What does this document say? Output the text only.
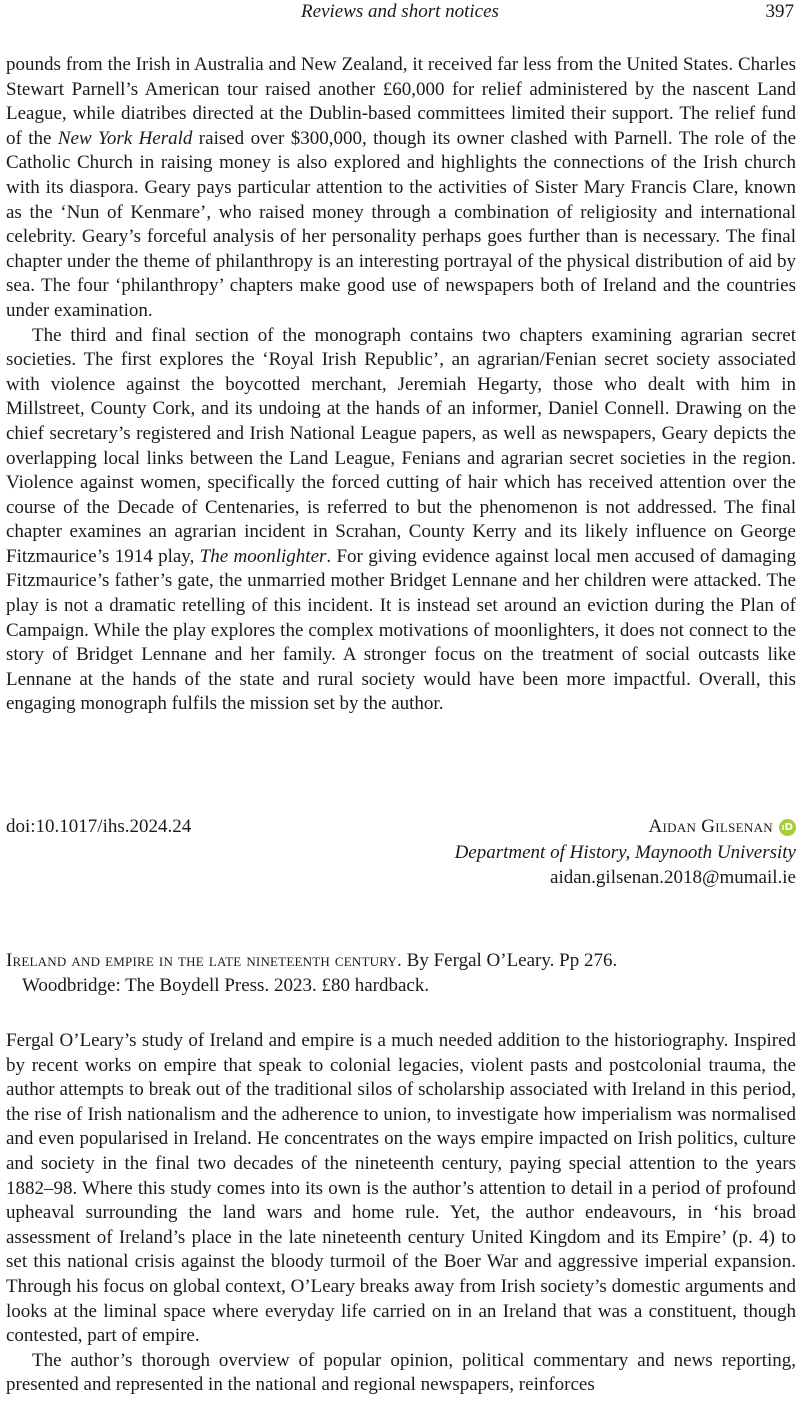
Reviews and short notices	397

pounds from the Irish in Australia and New Zealand, it received far less from the United States. Charles Stewart Parnell’s American tour raised another £60,000 for relief administered by the nascent Land League, while diatribes directed at the Dublin-based committees limited their support. The relief fund of the New York Herald raised over $300,000, though its owner clashed with Parnell. The role of the Catholic Church in raising money is also explored and highlights the connections of the Irish church with its diaspora. Geary pays particular attention to the activities of Sister Mary Francis Clare, known as the ‘Nun of Kenmare’, who raised money through a combination of religiosity and international celebrity. Geary’s forceful analysis of her personality perhaps goes further than is necessary. The final chapter under the theme of philanthropy is an interesting portrayal of the physical distribution of aid by sea. The four ‘philanthropy’ chapters make good use of newspapers both of Ireland and the countries under examination.

The third and final section of the monograph contains two chapters examining agrarian secret societies. The first explores the ‘Royal Irish Republic’, an agrarian/Fenian secret society associated with violence against the boycotted merchant, Jeremiah Hegarty, those who dealt with him in Millstreet, County Cork, and its undoing at the hands of an informer, Daniel Connell. Drawing on the chief secretary’s registered and Irish National League papers, as well as newspapers, Geary depicts the overlapping local links between the Land League, Fenians and agrarian secret societies in the region. Violence against women, specifically the forced cutting of hair which has received attention over the course of the Decade of Centenaries, is referred to but the phenomenon is not addressed. The final chapter examines an agrarian incident in Scrahan, County Kerry and its likely influence on George Fitzmaurice’s 1914 play, The moonlighter. For giving evidence against local men accused of damaging Fitzmaurice’s father’s gate, the unmarried mother Bridget Lennane and her children were attacked. The play is not a dramatic retelling of this incident. It is instead set around an eviction during the Plan of Campaign. While the play explores the complex motivations of moonlighters, it does not connect to the story of Bridget Lennane and her family. A stronger focus on the treatment of social outcasts like Lennane at the hands of the state and rural society would have been more impactful. Overall, this engaging monograph fulfils the mission set by the author.

doi:10.1017/ihs.2024.24	Aidan Gilsenan iD
Department of History, Maynooth University
aidan.gilsenan.2018@mumail.ie
Ireland and empire in the late nineteenth century. By Fergal O’Leary. Pp 276.
Woodbridge: The Boydell Press. 2023. £80 hardback.

Fergal O’Leary’s study of Ireland and empire is a much needed addition to the historiography. Inspired by recent works on empire that speak to colonial legacies, violent pasts and postcolonial trauma, the author attempts to break out of the traditional silos of scholarship associated with Ireland in this period, the rise of Irish nationalism and the adherence to union, to investigate how imperialism was normalised and even popularised in Ireland. He concentrates on the ways empire impacted on Irish politics, culture and society in the final two decades of the nineteenth century, paying special attention to the years 1882–98. Where this study comes into its own is the author’s attention to detail in a period of profound upheaval surrounding the land wars and home rule. Yet, the author endeavours, in ‘his broad assessment of Ireland’s place in the late nineteenth century United Kingdom and its Empire’ (p. 4) to set this national crisis against the bloody turmoil of the Boer War and aggressive imperial expansion. Through his focus on global context, O’Leary breaks away from Irish society’s domestic arguments and looks at the liminal space where everyday life carried on in an Ireland that was a constituent, though contested, part of empire.

The author’s thorough overview of popular opinion, political commentary and news reporting, presented and represented in the national and regional newspapers, reinforces
